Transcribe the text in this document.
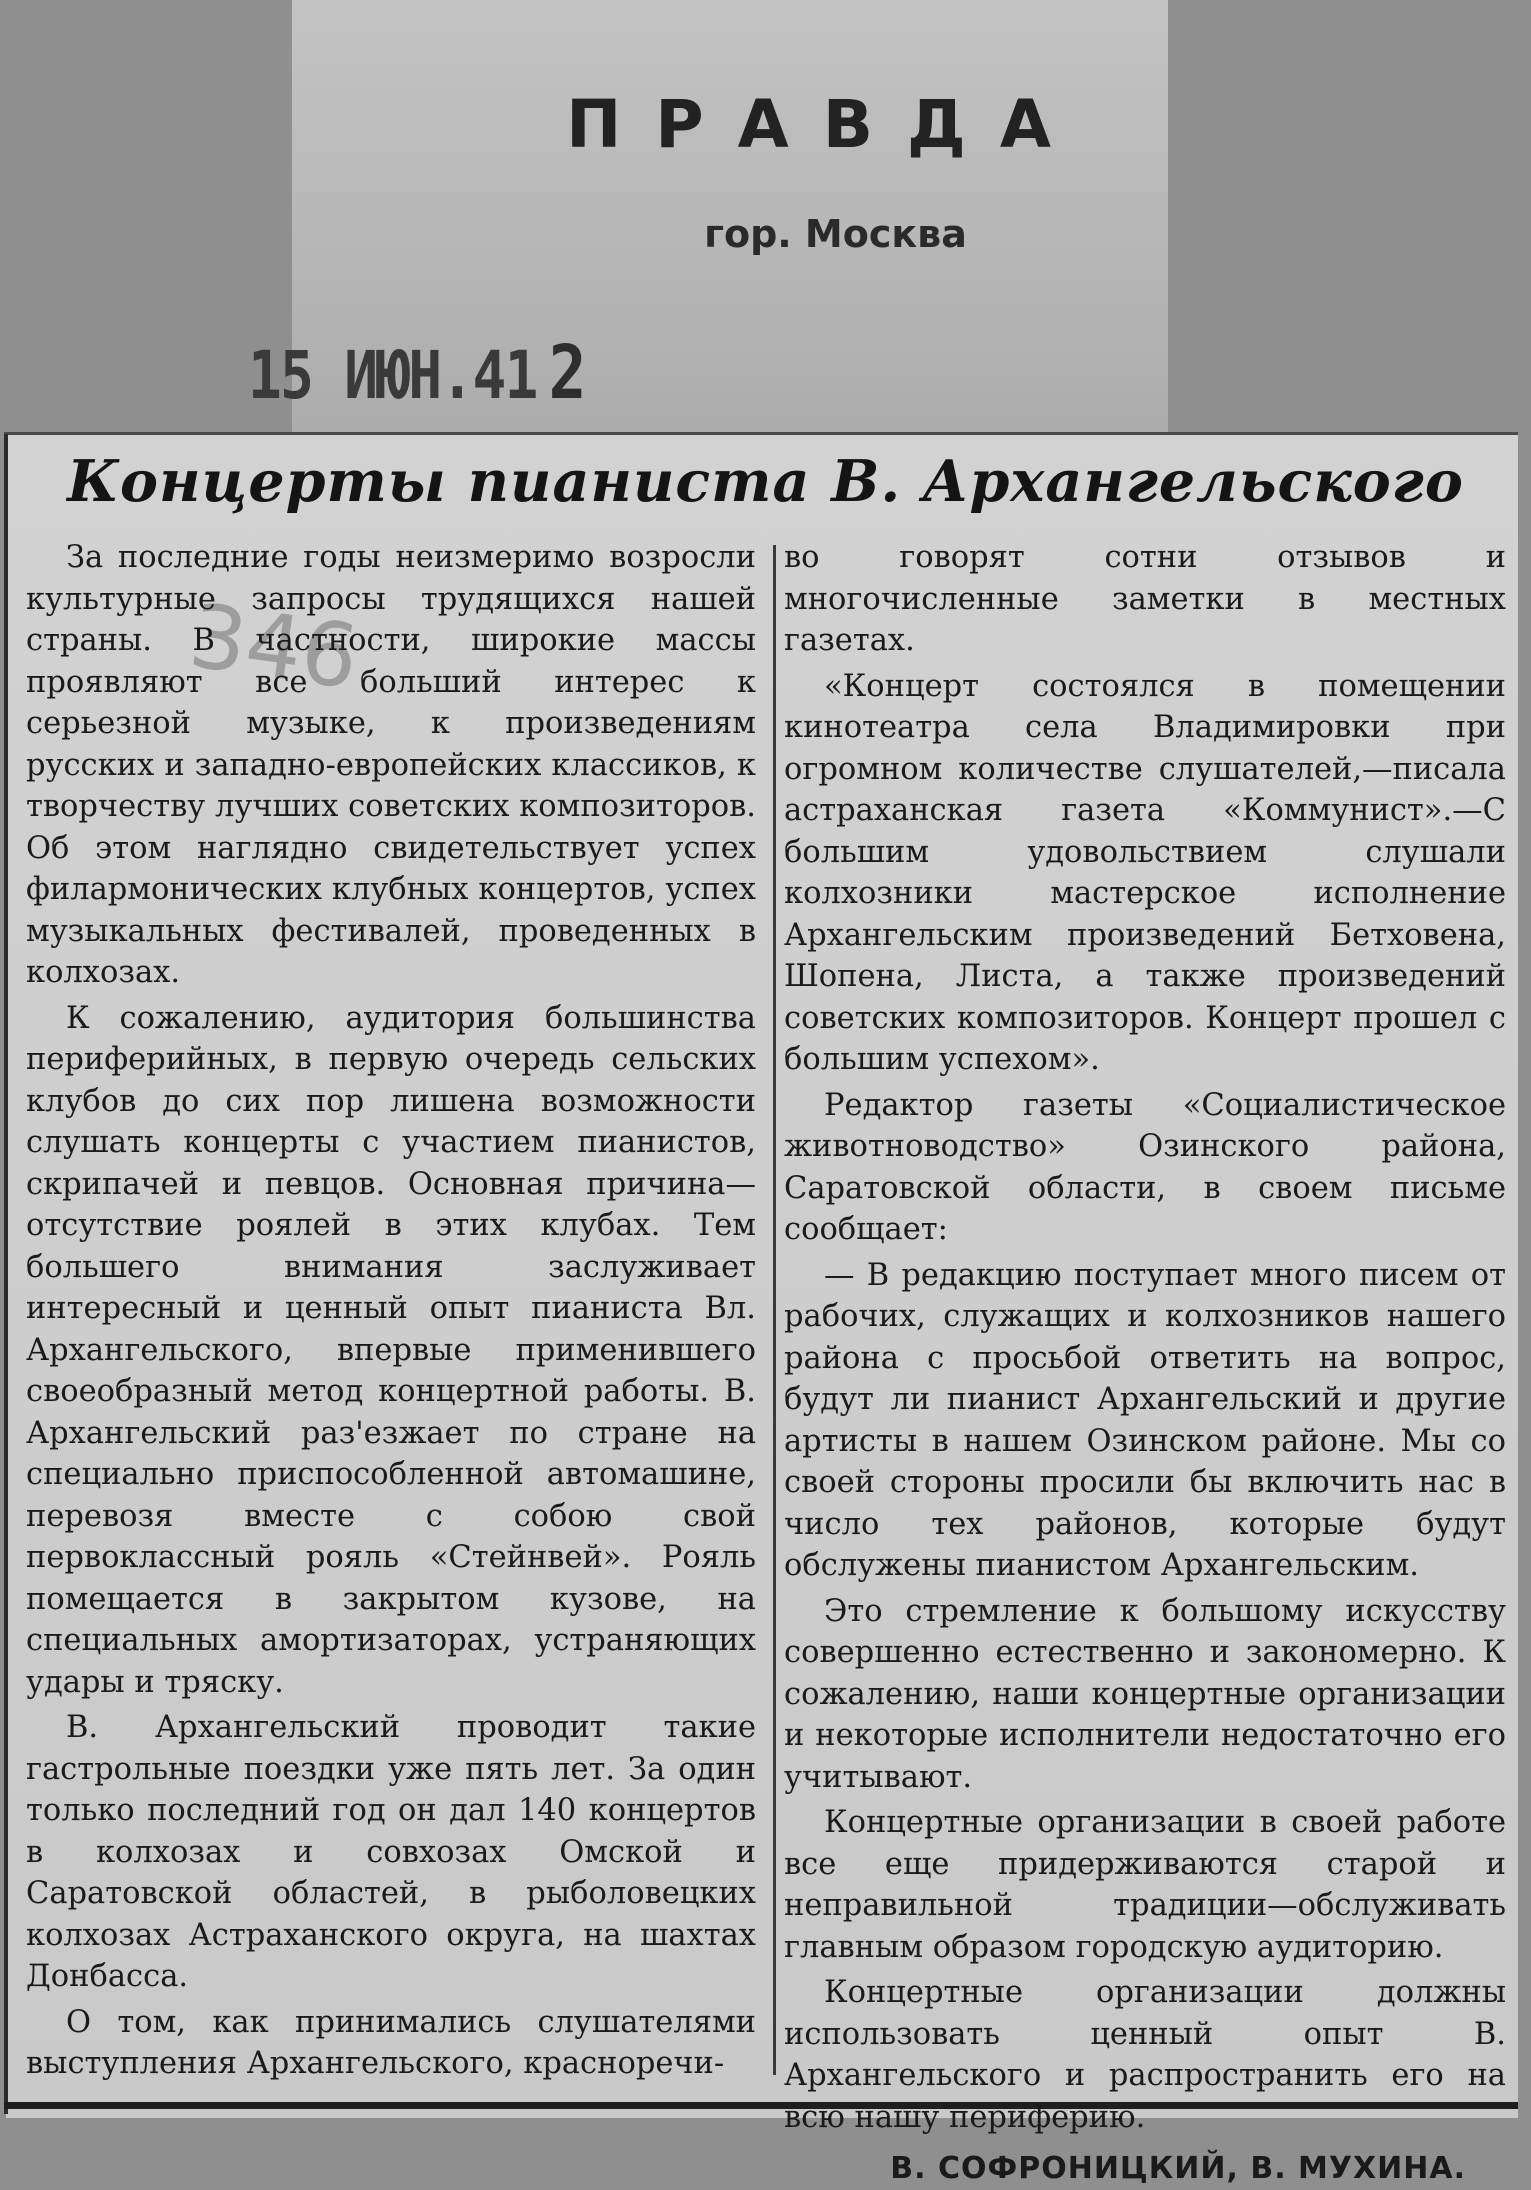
ПРАВДА
гор. Москва
15 ИЮН.41 2
Концерты пианиста В. Архангельского
346

За последние годы неизмеримо возросли культурные запросы трудящихся нашей страны. В частности, широкие массы проявляют все больший интерес к серьезной музыке, к произведениям русских и западно-европейских классиков, к творчеству лучших советских композиторов. Об этом наглядно свидетельствует успех филармонических клубных концертов, успех музыкальных фестивалей, проведенных в колхозах.

К сожалению, аудитория большинства периферийных, в первую очередь сельских клубов до сих пор лишена возможности слушать концерты с участием пианистов, скрипачей и певцов. Основная причина—отсутствие роялей в этих клубах. Тем большего внимания заслуживает интересный и ценный опыт пианиста Вл. Архангельского, впервые применившего своеобразный метод концертной работы. В. Архангельский раз'езжает по стране на специально приспособленной автомашине, перевозя вместе с собою свой первоклассный рояль «Стейнвей». Рояль помещается в закрытом кузове, на специальных амортизаторах, устраняющих удары и тряску.

В. Архангельский проводит такие гастрольные поездки уже пять лет. За один только последний год он дал 140 концертов в колхозах и совхозах Омской и Саратовской областей, в рыболовецких колхозах Астраханского округа, на шахтах Донбасса.

О том, как принимались слушателями выступления Архангельского, красноречи-

во говорят сотни отзывов и многочисленные заметки в местных газетах.

«Концерт состоялся в помещении кинотеатра села Владимировки при огромном количестве слушателей,—писала астраханская газета «Коммунист».—С большим удовольствием слушали колхозники мастерское исполнение Архангельским произведений Бетховена, Шопена, Листа, а также произведений советских композиторов. Концерт прошел с большим успехом».

Редактор газеты «Социалистическое животноводство» Озинского района, Саратовской области, в своем письме сообщает:

— В редакцию поступает много писем от рабочих, служащих и колхозников нашего района с просьбой ответить на вопрос, будут ли пианист Архангельский и другие артисты в нашем Озинском районе. Мы со своей стороны просили бы включить нас в число тех районов, которые будут обслужены пианистом Архангельским.

Это стремление к большому искусству совершенно естественно и закономерно. К сожалению, наши концертные организации и некоторые исполнители недостаточно его учитывают.

Концертные организации в своей работе все еще придерживаются старой и неправильной традиции—обслуживать главным образом городскую аудиторию.

Концертные организации должны использовать ценный опыт В. Архангельского и распространить его на всю нашу периферию.

В. СОФРОНИЦКИЙ, В. МУХИНА.
